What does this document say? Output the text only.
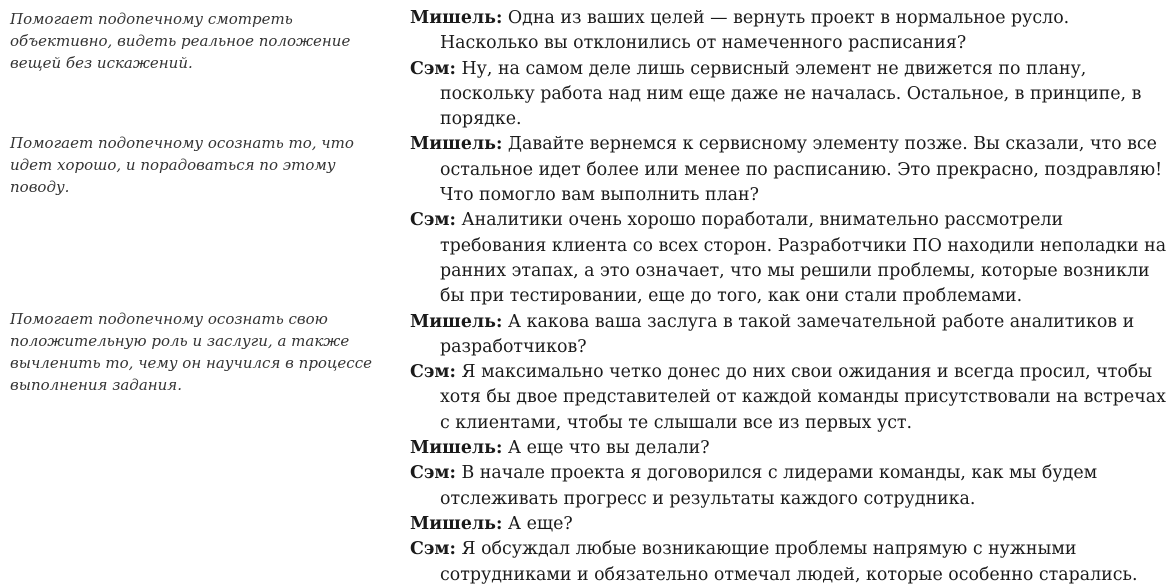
Помогает подопечному смотреть объективно, видеть реальное положение вещей без искажений.

Помогает подопечному осознать то, что идет хорошо, и порадоваться по этому поводу.

Помогает подопечному осознать свою положительную роль и заслуги, а также вычленить то, чему он научился в процессе выполнения задания.

Мишель: Одна из ваших целей — вернуть проект в нормальное русло. Насколько вы отклонились от намеченного расписания?

Сэм: Ну, на самом деле лишь сервисный элемент не движется по плану, поскольку работа над ним еще даже не началась. Остальное, в принципе, в порядке.

Мишель: Давайте вернемся к сервисному элементу позже. Вы сказали, что все остальное идет более или менее по расписанию. Это прекрасно, поздравляю! Что помогло вам выполнить план?

Сэм: Аналитики очень хорошо поработали, внимательно рассмотрели требования клиента со всех сторон. Разработчики ПО находили неполадки на ранних этапах, а это означает, что мы решили проблемы, которые возникли бы при тестировании, еще до того, как они стали проблемами.

Мишель: А какова ваша заслуга в такой замечательной работе аналитиков и разработчиков?

Сэм: Я максимально четко донес до них свои ожидания и всегда просил, чтобы хотя бы двое представителей от каждой команды присутствовали на встречах с клиентами, чтобы те слышали все из первых уст.

Мишель: А еще что вы делали?

Сэм: В начале проекта я договорился с лидерами команды, как мы будем отслеживать прогресс и результаты каждого сотрудника.

Мишель: А еще?

Сэм: Я обсуждал любые возникающие проблемы напрямую с нужными сотрудниками и обязательно отмечал людей, которые особенно старались.
